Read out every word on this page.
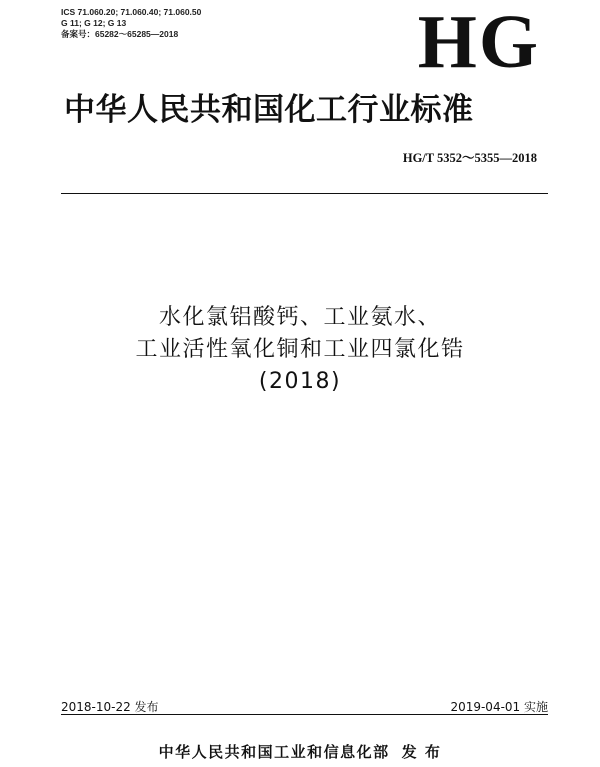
ICS 71.060.20; 71.060.40; 71.060.50
G 11; G 12; G 13
备案号：65282～65285—2018	HG
中华人民共和国化工行业标准
HG/T 5352～5355—2018
水化氯铝酸钙、工业氨水、
工业活性氧化铜和工业四氯化锆
(2018)
2018-10-22 发布	2019-04-01 实施
中华人民共和国工业和信息化部 发 布
